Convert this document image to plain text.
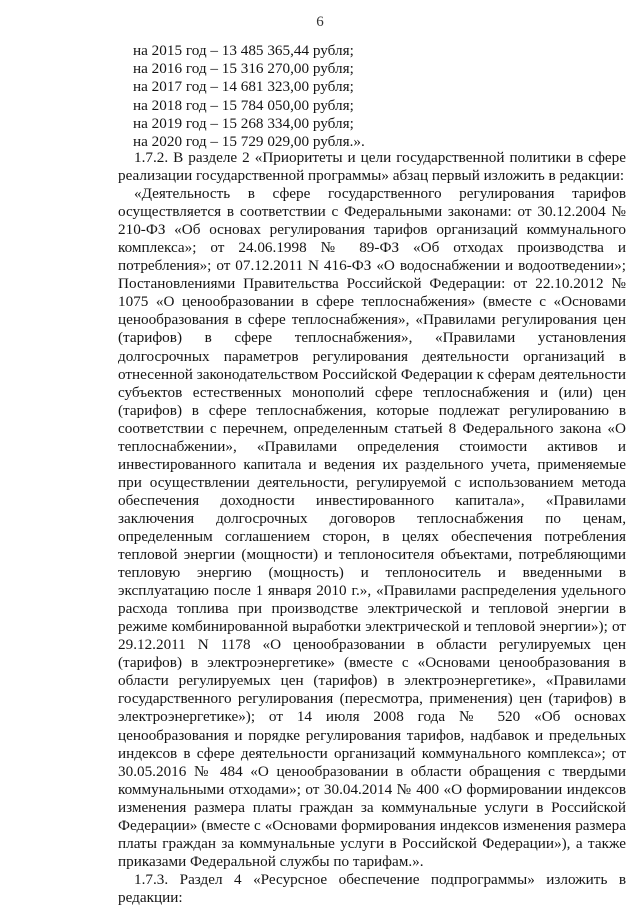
6
на 2015 год – 13 485 365,44 рубля;
на 2016 год – 15 316 270,00 рубля;
на 2017 год – 14 681 323,00 рубля;
на 2018 год – 15 784 050,00 рубля;
на 2019 год – 15 268 334,00 рубля;
на 2020 год – 15 729 029,00 рубля.».

1.7.2. В разделе 2 «Приоритеты и цели государственной политики в сфере реализации государственной программы» абзац первый изложить в редакции:

«Деятельность в сфере государственного регулирования тарифов осуществляется в соответствии с Федеральными законами: от 30.12.2004 № 210-ФЗ «Об основах регулирования тарифов организаций коммунального комплекса»; от 24.06.1998 № 89-ФЗ «Об отходах производства и потребления»; от 07.12.2011 N 416-ФЗ «О водоснабжении и водоотведении»; Постановлениями Правительства Российской Федерации: от 22.10.2012 № 1075 «О ценообразовании в сфере теплоснабжения» (вместе с «Основами ценообразования в сфере теплоснабжения», «Правилами регулирования цен (тарифов) в сфере теплоснабжения», «Правилами установления долгосрочных параметров регулирования деятельности организаций в отнесенной законодательством Российской Федерации к сферам деятельности субъектов естественных монополий сфере теплоснабжения и (или) цен (тарифов) в сфере теплоснабжения, которые подлежат регулированию в соответствии с перечнем, определенным статьей 8 Федерального закона «О теплоснабжении», «Правилами определения стоимости активов и инвестированного капитала и ведения их раздельного учета, применяемые при осуществлении деятельности, регулируемой с использованием метода обеспечения доходности инвестированного капитала», «Правилами заключения долгосрочных договоров теплоснабжения по ценам, определенным соглашением сторон, в целях обеспечения потребления тепловой энергии (мощности) и теплоносителя объектами, потребляющими тепловую энергию (мощность) и теплоноситель и введенными в эксплуатацию после 1 января 2010 г.», «Правилами распределения удельного расхода топлива при производстве электрической и тепловой энергии в режиме комбинированной выработки электрической и тепловой энергии»); от 29.12.2011 N 1178 «О ценообразовании в области регулируемых цен (тарифов) в электроэнергетике» (вместе с «Основами ценообразования в области регулируемых цен (тарифов) в электроэнергетике», «Правилами государственного регулирования (пересмотра, применения) цен (тарифов) в электроэнергетике»); от 14 июля 2008 года № 520 «Об основах ценообразования и порядке регулирования тарифов, надбавок и предельных индексов в сфере деятельности организаций коммунального комплекса»; от 30.05.2016 № 484 «О ценообразовании в области обращения с твердыми коммунальными отходами»; от 30.04.2014 № 400 «О формировании индексов изменения размера платы граждан за коммунальные услуги в Российской Федерации» (вместе с «Основами формирования индексов изменения размера платы граждан за коммунальные услуги в Российской Федерации»), а также приказами Федеральной службы по тарифам.».

1.7.3. Раздел 4 «Ресурсное обеспечение подпрограммы» изложить в редакции:
